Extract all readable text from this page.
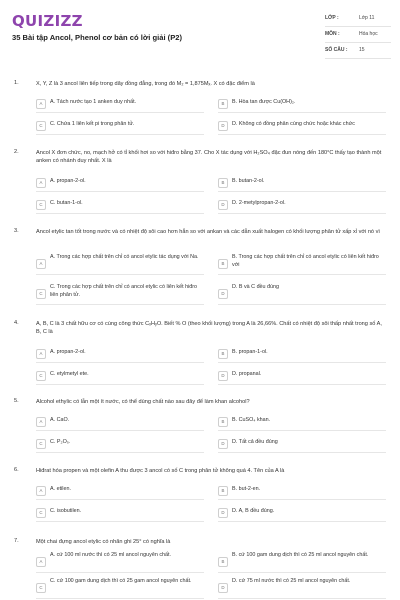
QUIZIZZ
35 Bài tập Ancol, Phenol cơ bản có lời giải (P2)
LỚP :	Lớp 11
MÔN :	Hóa học
SỐ CÂU :	15
1.	X, Y, Z là 3 ancol liên tiếp trong dãy đồng đẳng, trong đó M₂ = 1,875Mₓ. X có đặc điểm là
A	A. Tách nước tạo 1 anken duy nhất.	B	B. Hòa tan được Cu(OH)₂.
C	C. Chứa 1 liên kết pi trong phân tử.	D	D. Không có đồng phân cùng chức hoặc khác chức
2.	Ancol X đơn chức, no, mạch hở có tỉ khối hơi so với hiđro bằng 37. Cho X tác dụng với H₂SO₄ đặc đun nóng đến 180°C thấy tạo thành một anken có nhánh duy nhất. X là
A	A. propan-2-ol.	B	B. butan-2-ol.
C	C. butan-1-ol.	D	D. 2-metylpropan-2-ol.
3.	Ancol etylic tan tốt trong nước và có nhiệt độ sôi cao hơn hẳn so với ankan và các dẫn xuất halogen có khối lượng phân tử xấp xỉ với nó vì
A
A. Trong các hợp chất trên chỉ có ancol etylic tác dụng với Na.
B
B. Trong các hợp chất trên chỉ có ancol etylic có liên kết hiđro với
C
C. Trong các hợp chất trên chỉ có ancol etylic có liên kết hiđro liên phân tử.	D
D. B và C đều đúng
4.	A, B, C là 3 chất hữu cơ có cùng công thức CₓHᵧO. Biết % O (theo khối lượng) trong A là 26,66%. Chất có nhiệt độ sôi thấp nhất trong số A, B, C là
A	A. propan-2-ol.	B	B. propan-1-ol.
C	C. etylmetyl ete.	D	D. propanal.
5.	Alcohol ethylic có lẫn một ít nước, có thể dùng chất nào sau đây để làm khan alcohol?
A	A. CaO.	B	B. CuSO₄ khan.
C	C. P₂O₅.	D	D. Tất cả đều đúng
6.	Hiđrat hóa propen và một olefin A thu được 3 ancol có số C trong phân tử không quá 4. Tên của A là
A	A. etilen.	B	B. but-2-en.
C	C. isobutilen.	D	D. A, B đều đúng.
7.	Một chai đựng ancol etylic có nhãn ghi 25° có nghĩa là
A
A. cứ 100 ml nước thì có 25 ml ancol nguyên chất.
B
B. cứ 100 gam dung dịch thì có 25 ml ancol nguyên chất.
C
C. cứ 100 gam dung dịch thì có 25 gam ancol nguyên chất.
D
D. cứ 75 ml nước thì có 25 ml ancol nguyên chất.
